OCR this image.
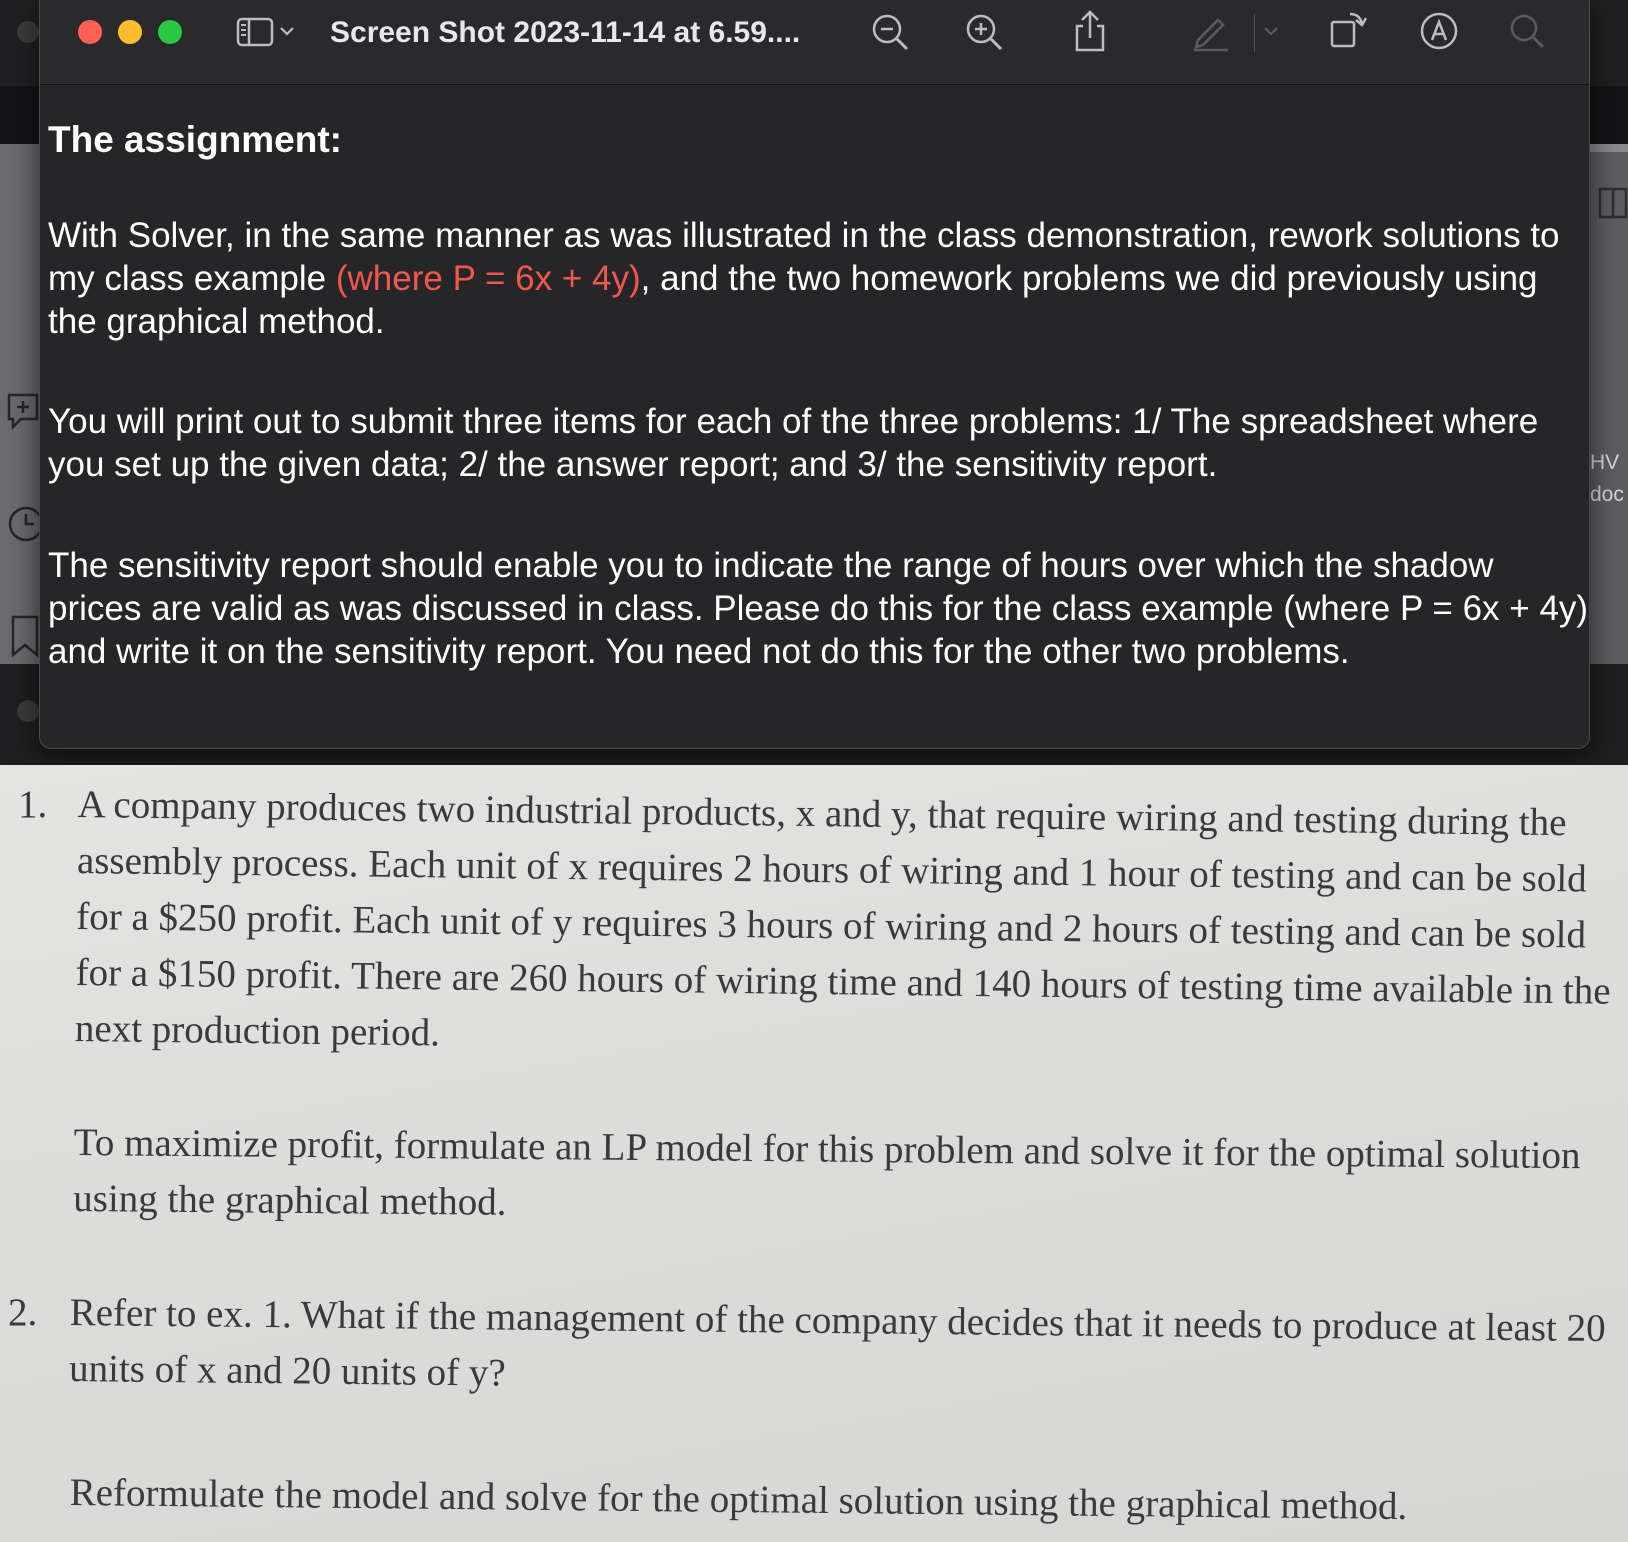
HV
doc
Screen Shot 2023-11-14 at 6.59....
The assignment:

With Solver, in the same manner as was illustrated in the class demonstration, rework solutions to my class example (where P = 6x + 4y), and the two homework problems we did previously using the graphical method.

You will print out to submit three items for each of the three problems: 1/ The spreadsheet where you set up the given data; 2/ the answer report; and 3/ the sensitivity report.

The sensitivity report should enable you to indicate the range of hours over which the shadow prices are valid as was discussed in class. Please do this for the class example (where P = 6x + 4y) and write it on the sensitivity report. You need not do this for the other two problems.

1. A company produces two industrial products, x and y, that require wiring and testing during the assembly process. Each unit of x requires 2 hours of wiring and 1 hour of testing and can be sold for a $250 profit. Each unit of y requires 3 hours of wiring and 2 hours of testing and can be sold for a $150 profit. There are 260 hours of wiring time and 140 hours of testing time available in the next production period.
To maximize profit, formulate an LP model for this problem and solve it for the optimal solution using the graphical method.
2. Refer to ex. 1. What if the management of the company decides that it needs to produce at least 20 units of x and 20 units of y?
Reformulate the model and solve for the optimal solution using the graphical method.
